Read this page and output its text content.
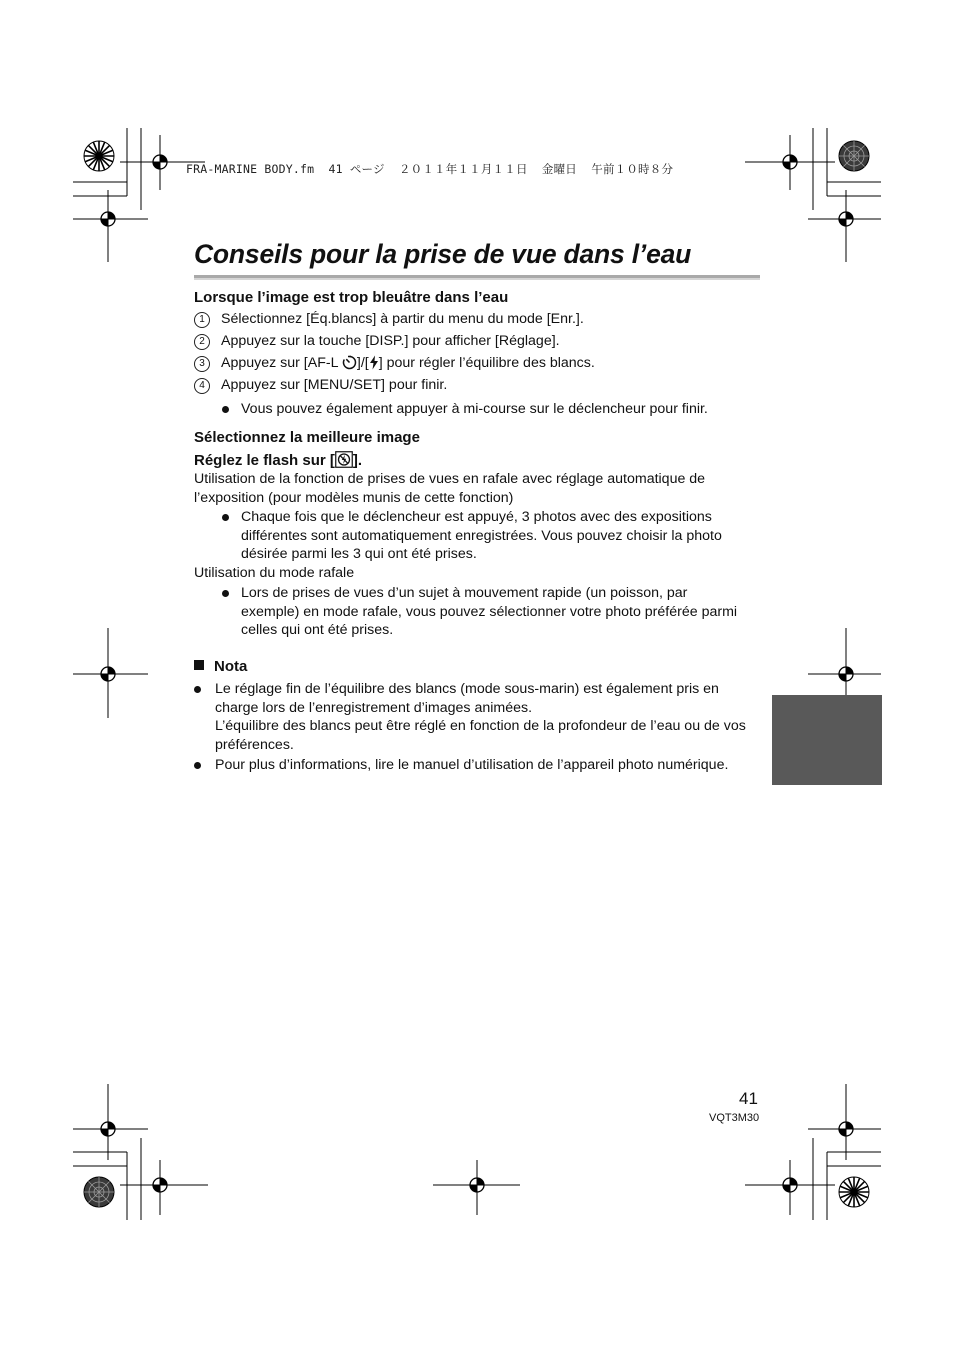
FRA-MARINE BODY.fm  41 ページ  ２０１１年１１月１１日  金曜日  午前１０時８分
Conseils pour la prise de vue dans l’eau
Lorsque l’image est trop bleuâtre dans l’eau
1 Sélectionnez [Éq.blancs] à partir du menu du mode [Enr.].
2 Appuyez sur la touche [DISP.] pour afficher [Réglage].
3 Appuyez sur [AF-L ]/[ ] pour régler l’équilibre des blancs.
4 Appuyez sur [MENU/SET] pour finir.
Vous pouvez également appuyer à mi-course sur le déclencheur pour finir.
Sélectionnez la meilleure image
Réglez le flash sur [ ].
Utilisation de la fonction de prises de vues en rafale avec réglage automatique de
l’exposition (pour modèles munis de cette fonction)
Chaque fois que le déclencheur est appuyé, 3 photos avec des expositions
différentes sont automatiquement enregistrées. Vous pouvez choisir la photo
désirée parmi les 3 qui ont été prises.
Utilisation du mode rafale
Lors de prises de vues d’un sujet à mouvement rapide (un poisson, par
exemple) en mode rafale, vous pouvez sélectionner votre photo préférée parmi
celles qui ont été prises.
Nota
Le réglage fin de l’équilibre des blancs (mode sous-marin) est également pris en
charge lors de l’enregistrement d’images animées.
L’équilibre des blancs peut être réglé en fonction de la profondeur de l’eau ou de vos
préférences.
Pour plus d’informations, lire le manuel d’utilisation de l’appareil photo numérique.
41
VQT3M30
